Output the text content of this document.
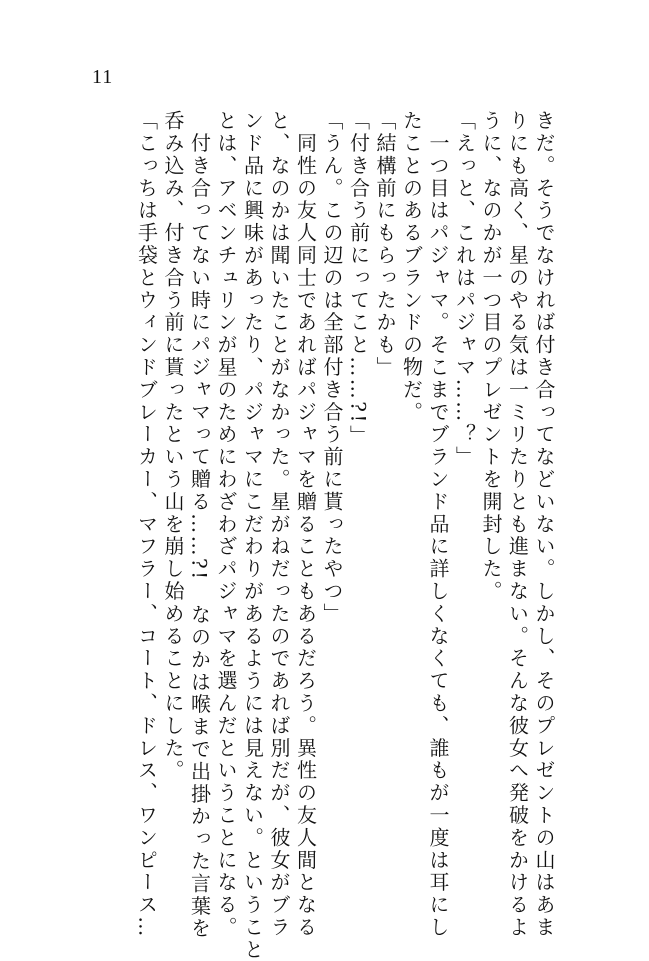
11
きだ。そうでなければ付き合ってなどいない。しかし、そのプレゼントの山はあま
りにも高く、星のやる気は一ミリたりとも進まない。そんな彼女へ発破をかけるよ
うに、なのかが一つ目のプレゼントを開封した。
「えっと、これはパジャマ……？」
　一つ目はパジャマ。そこまでブランド品に詳しくなくても、誰もが一度は耳にし
たことのあるブランドの物だ。
「結構前にもらったかも」
「付き合う前にってこと……?!」
「うん。この辺のは全部付き合う前に貰ったやつ」
　同性の友人同士であればパジャマを贈ることもあるだろう。異性の友人間となる
と、なのかは聞いたことがなかった。星がねだったのであれば別だが、彼女がブラ
ンド品に興味があったり、パジャマにこだわりがあるようには見えない。ということ
とは、アベンチュリンが星のためにわざわざパジャマを選んだということになる。
　付き合ってない時にパジャマって贈る……?!　なのかは喉まで出掛かった言葉を
呑み込み、付き合う前に貰ったという山を崩し始めることにした。
「こっちは手袋とウィンドブレーカー、マフラー、コート、ドレス、ワンピース…
